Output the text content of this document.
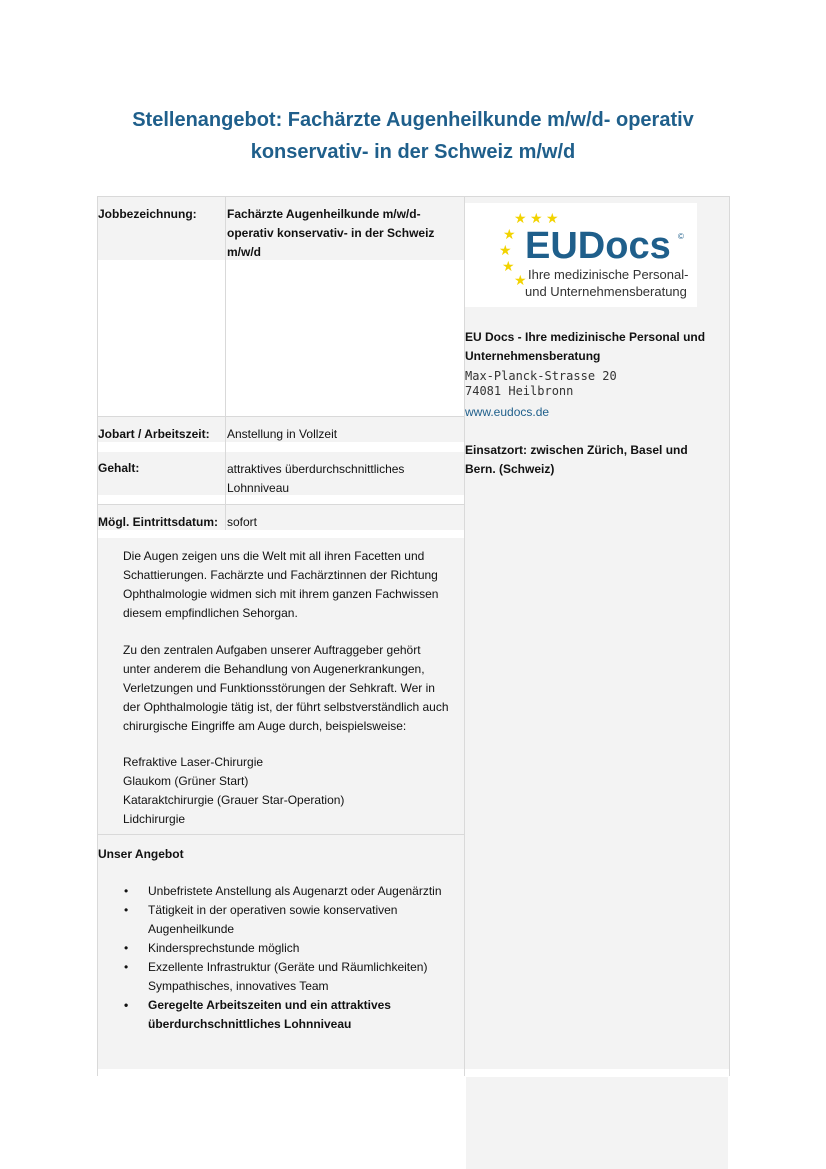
Stellenangebot: Fachärzte Augenheilkunde m/w/d- operativ
konservativ- in der Schweiz m/w/d
Jobbezeichnung:	Fachärzte Augenheilkunde m/w/d-
operativ konservativ- in der Schweiz
m/w/d
Jobart / Arbeitszeit: Anstellung in Vollzeit
Gehalt:	attraktives überdurchschnittliches
Lohnniveau
Mögl. Eintrittsdatum: sofort
Die Augen zeigen uns die Welt mit all ihren Facetten und
Schattierungen. Fachärzte und Fachärztinnen der Richtung
Ophthalmologie widmen sich mit ihrem ganzen Fachwissen
diesem empfindlichen Sehorgan.
Zu den zentralen Aufgaben unserer Auftraggeber gehört
unter anderem die Behandlung von Augenerkrankungen,
Verletzungen und Funktionsstörungen der Sehkraft. Wer in
der Ophthalmologie tätig ist, der führt selbstverständlich auch
chirurgische Eingriffe am Auge durch, beispielsweise:
Refraktive Laser-Chirurgie
Glaukom (Grüner Start)
Kataraktchirurgie (Grauer Star-Operation)
Lidchirurgie
Unser Angebot
• Unbefristete Anstellung als Augenarzt oder Augenärztin
• Tätigkeit in der operativen sowie konservativen
Augenheilkunde
• Kindersprechstunde möglich
• Exzellente Infrastruktur (Geräte und Räumlichkeiten)
Sympathisches, innovatives Team
• Geregelte Arbeitszeiten und ein attraktives
überdurchschnittliches Lohnniveau
★ ★ ★
★
★
★
★
EUDocs ©
Ihre medizinische Personal-
und Unternehmensberatung
EU Docs - Ihre medizinische Personal und
Unternehmensberatung
Max-Planck-Strasse 20
74081 Heilbronn
www.eudocs.de
Einsatzort: zwischen Zürich, Basel und
Bern. (Schweiz)
